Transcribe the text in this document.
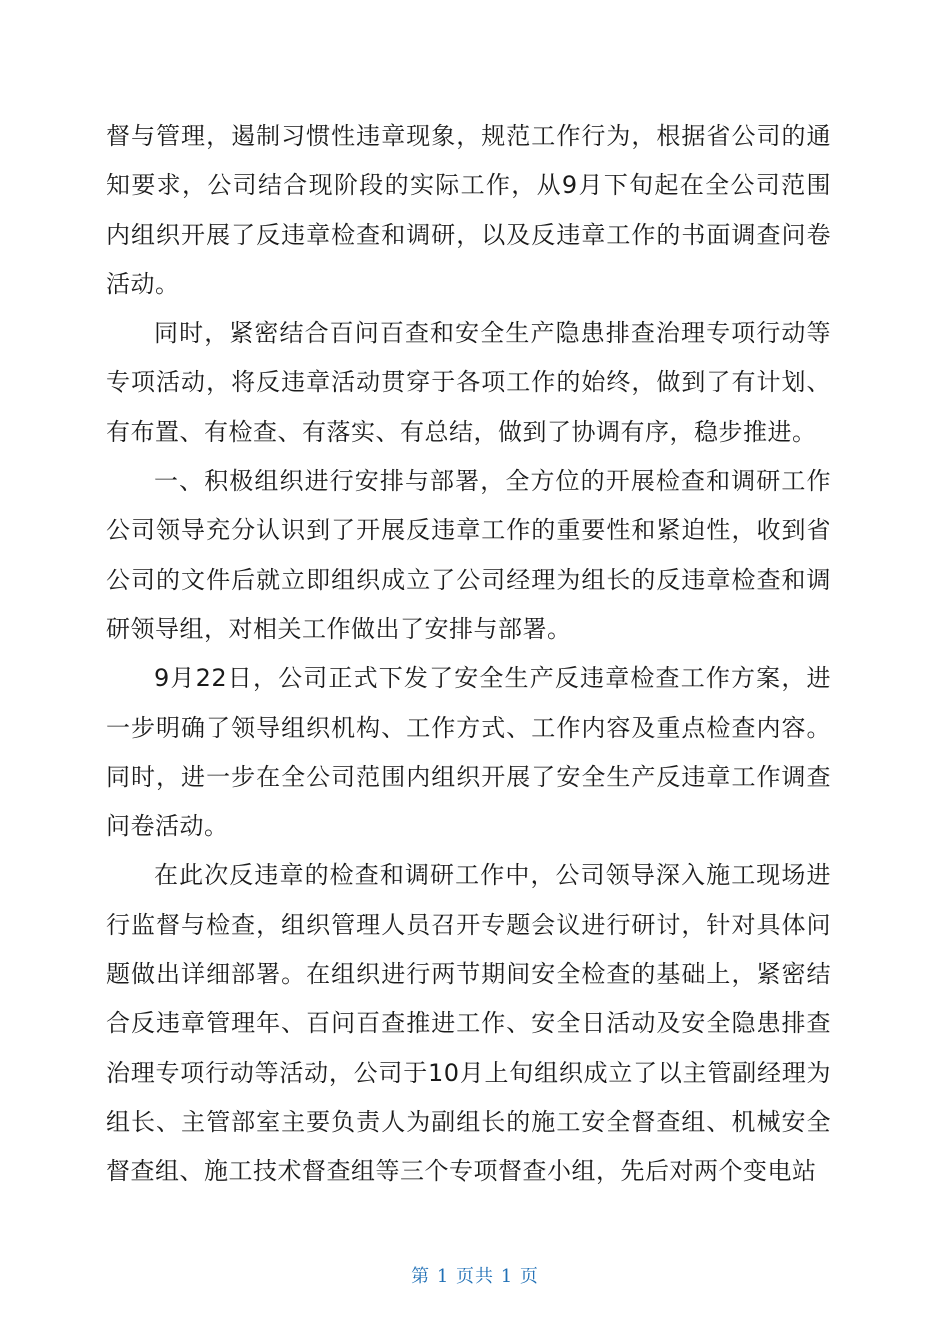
督与管理，遏制习惯性违章现象，规范工作行为，根据省公司的通知要求，公司结合现阶段的实际工作，从9月下旬起在全公司范围内组织开展了反违章检查和调研，以及反违章工作的书面调查问卷活动。

同时，紧密结合百问百查和安全生产隐患排查治理专项行动等专项活动，将反违章活动贯穿于各项工作的始终，做到了有计划、有布置、有检查、有落实、有总结，做到了协调有序，稳步推进。

一、积极组织进行安排与部署，全方位的开展检查和调研工作公司领导充分认识到了开展反违章工作的重要性和紧迫性，收到省公司的文件后就立即组织成立了公司经理为组长的反违章检查和调研领导组，对相关工作做出了安排与部署。

9月22日，公司正式下发了安全生产反违章检查工作方案，进一步明确了领导组织机构、工作方式、工作内容及重点检查内容。同时，进一步在全公司范围内组织开展了安全生产反违章工作调查问卷活动。

在此次反违章的检查和调研工作中，公司领导深入施工现场进行监督与检查，组织管理人员召开专题会议进行研讨，针对具体问题做出详细部署。在组织进行两节期间安全检查的基础上，紧密结合反违章管理年、百问百查推进工作、安全日活动及安全隐患排查治理专项行动等活动，公司于10月上旬组织成立了以主管副经理为组长、主管部室主要负责人为副组长的施工安全督查组、机械安全督查组、施工技术督查组等三个专项督查小组，先后对两个变电站

第 1 页共 1 页
